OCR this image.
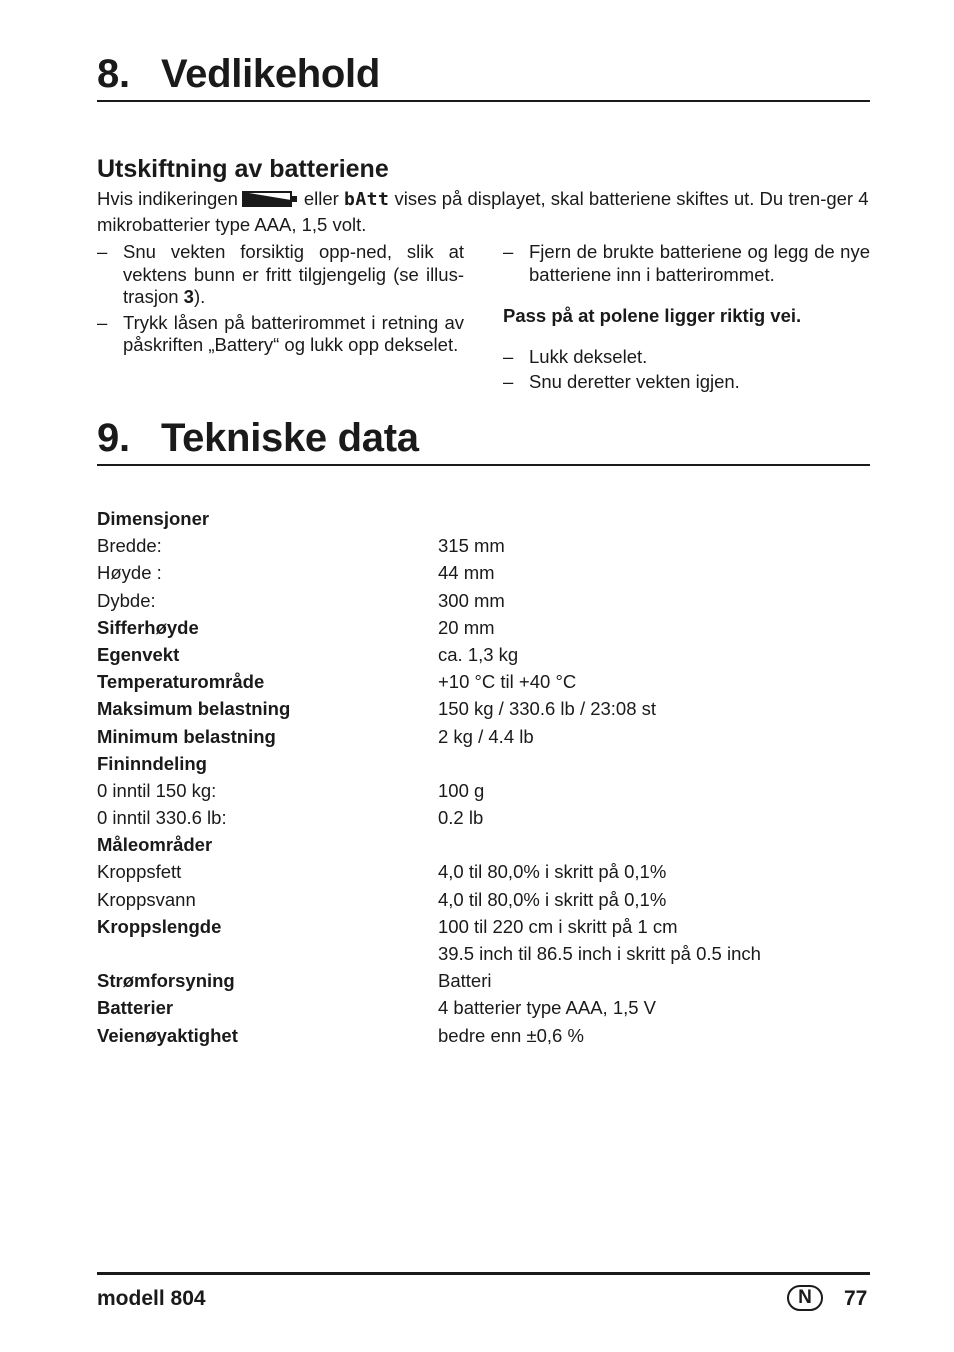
8. Vedlikehold
Utskiftning av batteriene

Hvis indikeringen	eller bAtt vises på displayet, skal batteriene skiftes ut. Du tren-ger 4 mikrobatterier type AAA, 1,5 volt.

– Snu vekten forsiktig opp-ned, slik at vektens bunn er fritt tilgjengelig (se illus-trasjon 3).

– Trykk låsen på batterirommet i retning av påskriften „Battery“ og lukk opp dekselet.

– Fjern de brukte batteriene og legg de nye batteriene inn i batterirommet.

Pass på at polene ligger riktig vei.

– Lukk dekselet.

– Snu deretter vekten igjen.

9. Tekniske data
Dimensjoner
Bredde:	315 mm
Høyde :	44 mm
Dybde:	300 mm
Sifferhøyde	20 mm
Egenvekt	ca. 1,3 kg
Temperaturområde	+10 °C til +40 °C
Maksimum belastning	150 kg / 330.6 lb / 23:08 st
Minimum belastning	2 kg / 4.4 lb
Fininndeling
0 inntil 150 kg:	100 g
0 inntil 330.6 lb:	0.2 lb
Måleområder
Kroppsfett	4,0 til 80,0% i skritt på 0,1%
Kroppsvann	4,0 til 80,0% i skritt på 0,1%
Kroppslengde	100 til 220 cm i skritt på 1 cm
39.5 inch til 86.5 inch i skritt på 0.5 inch
Strømforsyning	Batteri
Batterier	4 batterier type AAA, 1,5 V
Veienøyaktighet	bedre enn ±0,6 %
modell 804	N	77
